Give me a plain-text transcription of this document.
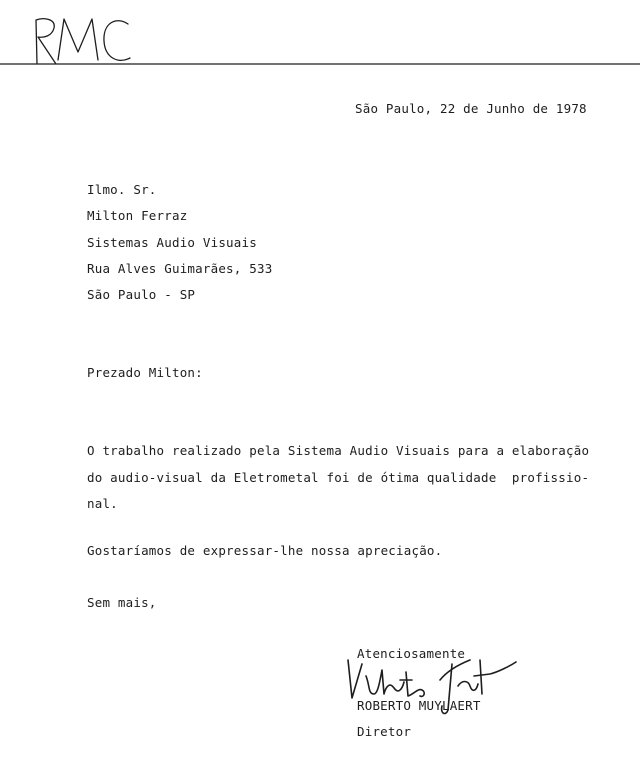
São Paulo, 22 de Junho de 1978
Ilmo. Sr.
Milton Ferraz
Sistemas Audio Visuais
Rua Alves Guimarães, 533
São Paulo - SP
Prezado Milton:
O trabalho realizado pela Sistema Audio Visuais para a elaboração
do audio-visual da Eletrometal foi de ótima qualidade  profissio-
nal.
Gostaríamos de expressar-lhe nossa apreciação.
Sem mais,
Atenciosamente
ROBERTO MUYLAERT
Diretor
